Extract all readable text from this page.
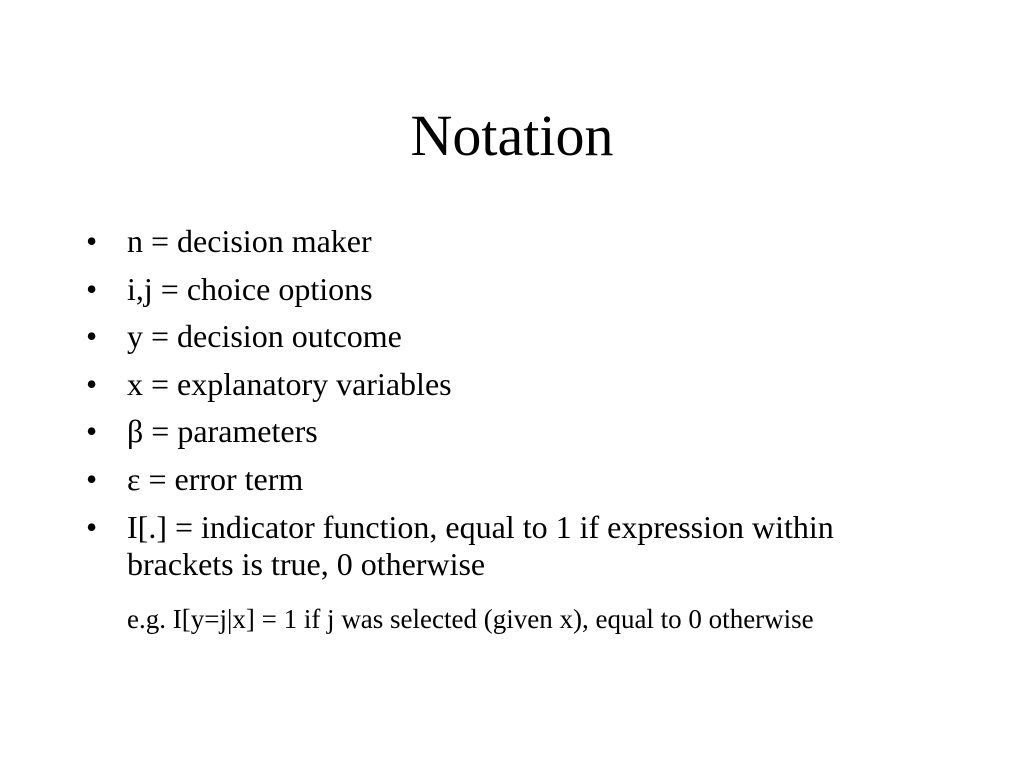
Notation
• n = decision maker
• i,j = choice options
• y = decision outcome
• x = explanatory variables
• β = parameters
• ε = error term
• I[.] = indicator function, equal to 1 if expression within brackets is true, 0 otherwise

e.g. I[y=j|x] = 1 if j was selected (given x), equal to 0 otherwise
